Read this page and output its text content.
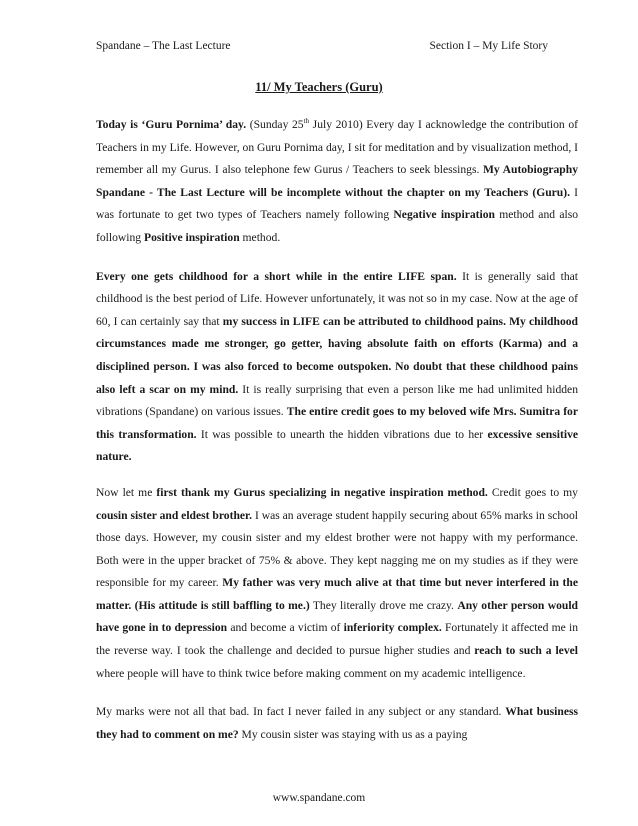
Spandane – The Last Lecture	Section I – My Life Story
11/ My Teachers (Guru)

Today is ‘Guru Pornima’ day. (Sunday 25th July 2010) Every day I acknowledge the contribution of Teachers in my Life. However, on Guru Pornima day, I sit for meditation and by visualization method, I remember all my Gurus. I also telephone few Gurus / Teachers to seek blessings. My Autobiography Spandane - The Last Lecture will be incomplete without the chapter on my Teachers (Guru). I was fortunate to get two types of Teachers namely following Negative inspiration method and also following Positive inspiration method.

Every one gets childhood for a short while in the entire LIFE span. It is generally said that childhood is the best period of Life. However unfortunately, it was not so in my case. Now at the age of 60, I can certainly say that my success in LIFE can be attributed to childhood pains. My childhood circumstances made me stronger, go getter, having absolute faith on efforts (Karma) and a disciplined person. I was also forced to become outspoken. No doubt that these childhood pains also left a scar on my mind. It is really surprising that even a person like me had unlimited hidden vibrations (Spandane) on various issues. The entire credit goes to my beloved wife Mrs. Sumitra for this transformation. It was possible to unearth the hidden vibrations due to her excessive sensitive nature.

Now let me first thank my Gurus specializing in negative inspiration method. Credit goes to my cousin sister and eldest brother. I was an average student happily securing about 65% marks in school those days. However, my cousin sister and my eldest brother were not happy with my performance. Both were in the upper bracket of 75% & above. They kept nagging me on my studies as if they were responsible for my career. My father was very much alive at that time but never interfered in the matter. (His attitude is still baffling to me.) They literally drove me crazy. Any other person would have gone in to depression and become a victim of inferiority complex. Fortunately it affected me in the reverse way. I took the challenge and decided to pursue higher studies and reach to such a level where people will have to think twice before making comment on my academic intelligence.

My marks were not all that bad. In fact I never failed in any subject or any standard. What business they had to comment on me? My cousin sister was staying with us as a paying

www.spandane.com
